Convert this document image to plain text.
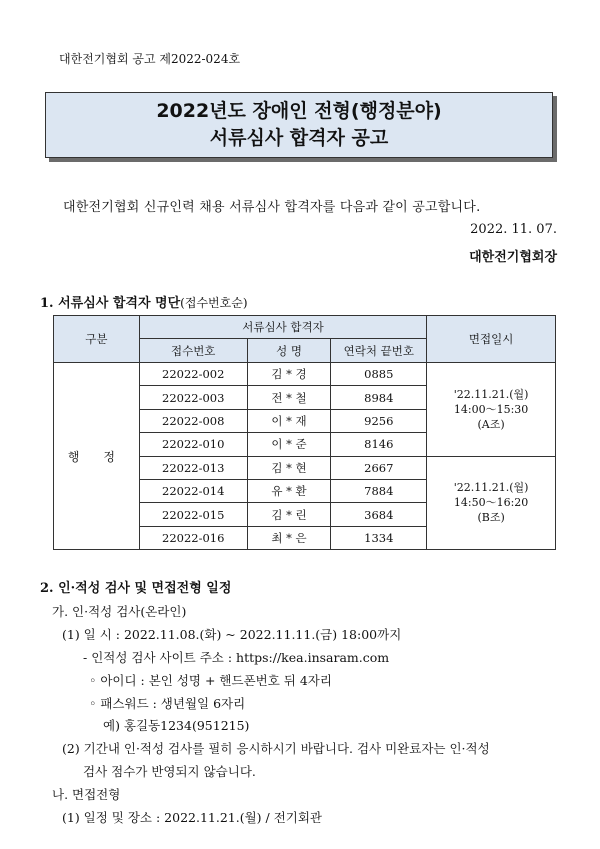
대한전기협회 공고 제2022-024호
2022년도 장애인 전형(행정분야)
서류심사 합격자 공고
대한전기협회 신규인력 채용 서류심사 합격자를 다음과 같이 공고합니다.
2022. 11. 07.
대한전기협회장
1. 서류심사 합격자 명단(접수번호순)
구분	서류심사 합격자			면접일시
	접수번호	성 명	연락처 끝번호	
행 정	22022-002	김 * 경	0885	'22.11.21.(월)
14:00～15:30
(A조)

	22022-003	전 * 철	8984	
	22022-008	이 * 재	9256	
	22022-010	이 * 준	8146	
	22022-013	김 * 현	2667	'22.11.21.(월)
14:50～16:20
(B조)

	22022-014	유 * 환	7884	
	22022-015	김 * 린	3684	
	22022-016	최 * 은	1334	
2. 인·적성 검사 및 면접전형 일정
가. 인·적성 검사(온라인)
(1) 일 시 : 2022.11.08.(화) ~ 2022.11.11.(금) 18:00까지
- 인적성 검사 사이트 주소 : https://kea.insaram.com
◦ 아이디 : 본인 성명 + 핸드폰번호 뒤 4자리
◦ 패스워드 : 생년월일 6자리
예) 홍길동1234(951215)
(2) 기간내 인·적성 검사를 필히 응시하시기 바랍니다. 검사 미완료자는 인·적성
검사 점수가 반영되지 않습니다.
나. 면접전형
(1) 일정 및 장소 : 2022.11.21.(월) / 전기회관
